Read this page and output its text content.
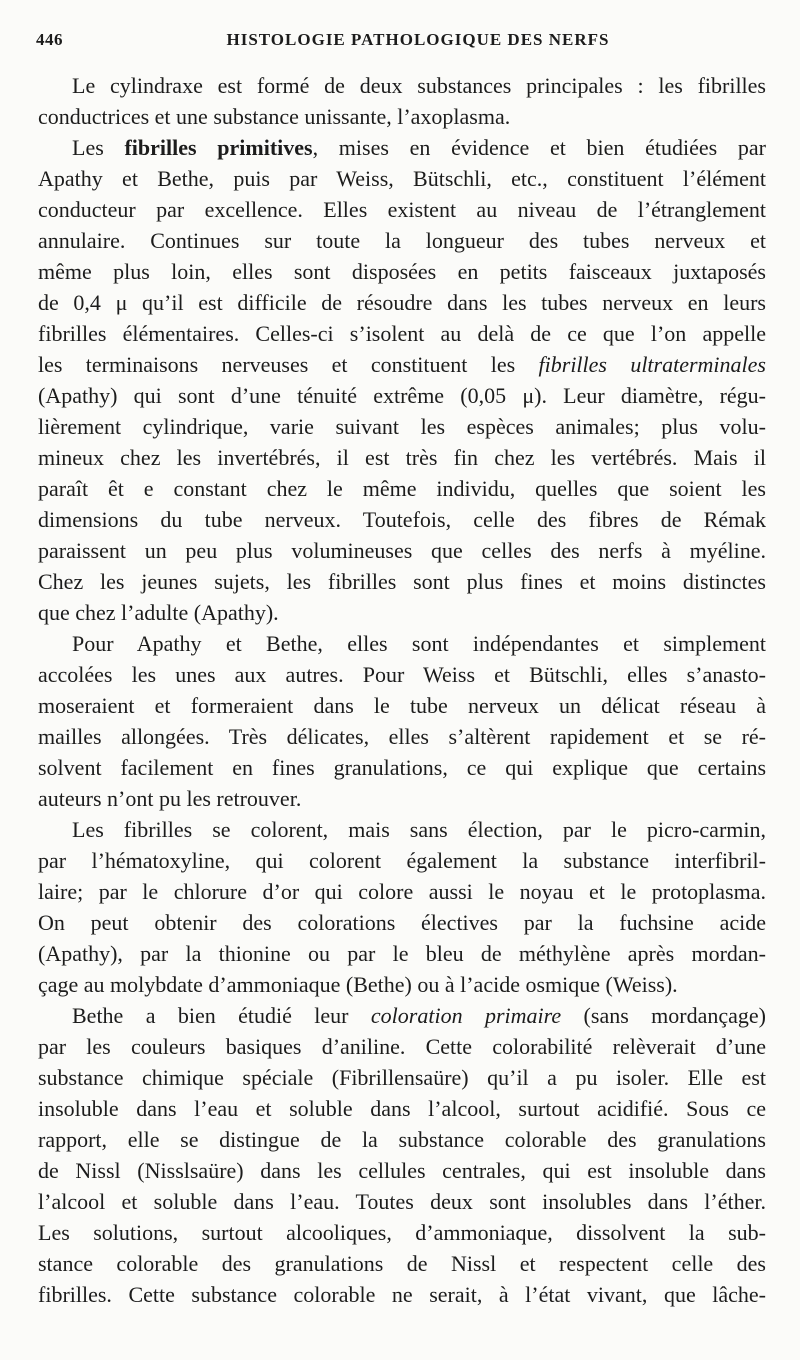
446	HISTOLOGIE PATHOLOGIQUE DES NERFS
Le cylindraxe est formé de deux substances principales : les fibrilles
conductrices et une substance unissante, l’axoplasma.
Les fibrilles primitives, mises en évidence et bien étudiées par
Apathy et Bethe, puis par Weiss, Bütschli, etc., constituent l’élément
conducteur par excellence. Elles existent au niveau de l’étranglement
annulaire. Continues sur toute la longueur des tubes nerveux et
même plus loin, elles sont disposées en petits faisceaux juxtaposés
de 0,4 μ qu’il est difficile de résoudre dans les tubes nerveux en leurs
fibrilles élémentaires. Celles-ci s’isolent au delà de ce que l’on appelle
les terminaisons nerveuses et constituent les fibrilles ultraterminales
(Apathy) qui sont d’une ténuité extrême (0,05 μ). Leur diamètre, régu-
lièrement cylindrique, varie suivant les espèces animales; plus volu-
mineux chez les invertébrés, il est très fin chez les vertébrés. Mais il
paraît êt e constant chez le même individu, quelles que soient les
dimensions du tube nerveux. Toutefois, celle des fibres de Rémak
paraissent un peu plus volumineuses que celles des nerfs à myéline.
Chez les jeunes sujets, les fibrilles sont plus fines et moins distinctes
que chez l’adulte (Apathy).
Pour Apathy et Bethe, elles sont indépendantes et simplement
accolées les unes aux autres. Pour Weiss et Bütschli, elles s’anasto-
moseraient et formeraient dans le tube nerveux un délicat réseau à
mailles allongées. Très délicates, elles s’altèrent rapidement et se ré-
solvent facilement en fines granulations, ce qui explique que certains
auteurs n’ont pu les retrouver.
Les fibrilles se colorent, mais sans élection, par le picro-carmin,
par l’hématoxyline, qui colorent également la substance interfibril-
laire; par le chlorure d’or qui colore aussi le noyau et le protoplasma.
On peut obtenir des colorations électives par la fuchsine acide
(Apathy), par la thionine ou par le bleu de méthylène après mordan-
çage au molybdate d’ammoniaque (Bethe) ou à l’acide osmique (Weiss).
Bethe a bien étudié leur coloration primaire (sans mordançage)
par les couleurs basiques d’aniline. Cette colorabilité relèverait d’une
substance chimique spéciale (Fibrillensaüre) qu’il a pu isoler. Elle est
insoluble dans l’eau et soluble dans l’alcool, surtout acidifié. Sous ce
rapport, elle se distingue de la substance colorable des granulations
de Nissl (Nisslsaüre) dans les cellules centrales, qui est insoluble dans
l’alcool et soluble dans l’eau. Toutes deux sont insolubles dans l’éther.
Les solutions, surtout alcooliques, d’ammoniaque, dissolvent la sub-
stance colorable des granulations de Nissl et respectent celle des
fibrilles. Cette substance colorable ne serait, à l’état vivant, que lâche-
